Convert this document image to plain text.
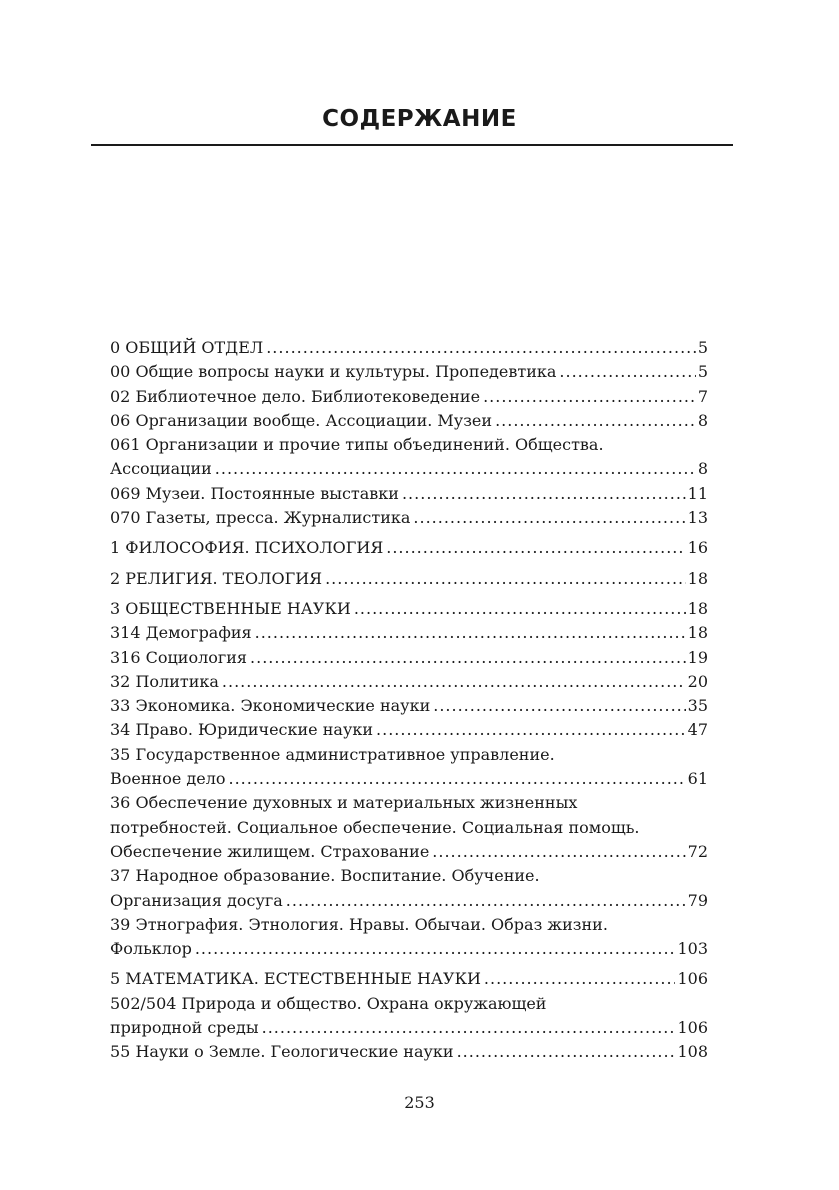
СОДЕРЖАНИЕ
0 ОБЩИЙ ОТДЕЛ .....	5
00 Общие вопросы науки и культуры. Пропедевтика .....	5
02 Библиотечное дело. Библиотековедение .....	7
06 Организации вообще. Ассоциации. Музеи .....	8
061 Организации и прочие типы объединений. Общества.
Ассоциации .....	8
069 Музеи. Постоянные выставки .....	11
070 Газеты, пресса. Журналистика .....	13
1 ФИЛОСОФИЯ. ПСИХОЛОГИЯ .....	16
2 РЕЛИГИЯ. ТЕОЛОГИЯ .....	18
3 ОБЩЕСТВЕННЫЕ НАУКИ .....	18
314 Демография .....	18
316 Социология .....	19
32 Политика .....	20
33 Экономика. Экономические науки .....	35
34 Право. Юридические науки .....	47
35 Государственное административное управление.
Военное дело .....	61
36 Обеспечение духовных и материальных жизненных
потребностей. Социальное обеспечение. Социальная помощь.
Обеспечение жилищем. Страхование .....	72
37 Народное образование. Воспитание. Обучение.
Организация досуга .....	79
39 Этнография. Этнология. Нравы. Обычаи. Образ жизни.
Фольклор .....	103
5 МАТЕМАТИКА. ЕСТЕСТВЕННЫЕ НАУКИ .....	106
502/504 Природа и общество. Охрана окружающей
природной среды .....	106
55 Науки о Земле. Геологические науки .....	108
253
